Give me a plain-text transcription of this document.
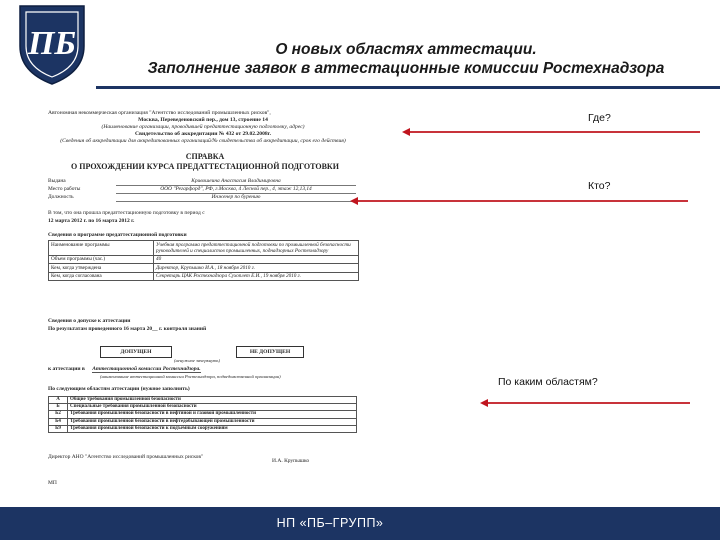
ПБ	О новых областях аттестации.
Заполнение заявок в аттестационные комиссии Ростехнадзора
Автономная некоммерческая организация "Агентство исследований промышленных рисков",
Москва, Переведеновский пер., дом 13, строение 14
(Наименование организации, проводившей предаттестационную подготовку, адрес)
Свидетельство об аккредитации № 432 от 29.02.2008г.
(Сведения об аккредитации для аккредитованных организаций/№ свидетельства об аккредитации, срок его действия)
СПРАВКА
О ПРОХОЖДЕНИИ КУРСА ПРЕДАТТЕСТАЦИОННОЙ ПОДГОТОВКИ
Выдана	Кривошеина Анастасия Владимировна
Место работы	ООО "Регарфорд", РФ, г.Москва, 4 Лесной пер., 4, этаж 12,13,14
Должность	Инженер по бурению
В том, что она прошла предаттестационную подготовку в период с
12 марта 2012 г. по 16 марта 2012 г.
Сведения о программе предаттестационной подготовки
Наименование программы	Учебная программа предаттестационной подготовки по промышленной безопасности руководителей и специалистов промышленных, поднадзорных Ростехнадзору
Объем программы (час.)	40
Кем, когда утверждена	Директор, Крупышко И.А., 18 ноября 2010 г.
Кем, когда согласована	Секретарь ЦАК Ростехнадзора Сухоплет Е.И., 19 ноября 2010 г.
Сведения о допуске к аттестации
По результатам проведенного 16 марта 20__ г. контроля знаний
ДОПУЩЕН	НЕ ДОПУЩЕН
(ненужное зачеркнуть)
к аттестации в Аттестационной комиссии Ростехнадзора.
(наименование аттестационной комиссии Ростехнадзора, подведомственной организации)
По следующим областям аттестации (нужное заполнить)
А	Общие требования промышленной безопасности
Б	Специальные требования промышленной безопасности
Б2	Требования промышленной безопасности в нефтяной и газовой промышленности
Б4	Требования промышленной безопасности в нефтедобывающей промышленности
Б9	Требования промышленной безопасности к подъемным сооружениям
Директор АНО "Агентство исследований промышленных рисков"
И.А. Крупышко
МП
Где?
Кто?
По каким областям?
НП «ПБ–ГРУПП»
